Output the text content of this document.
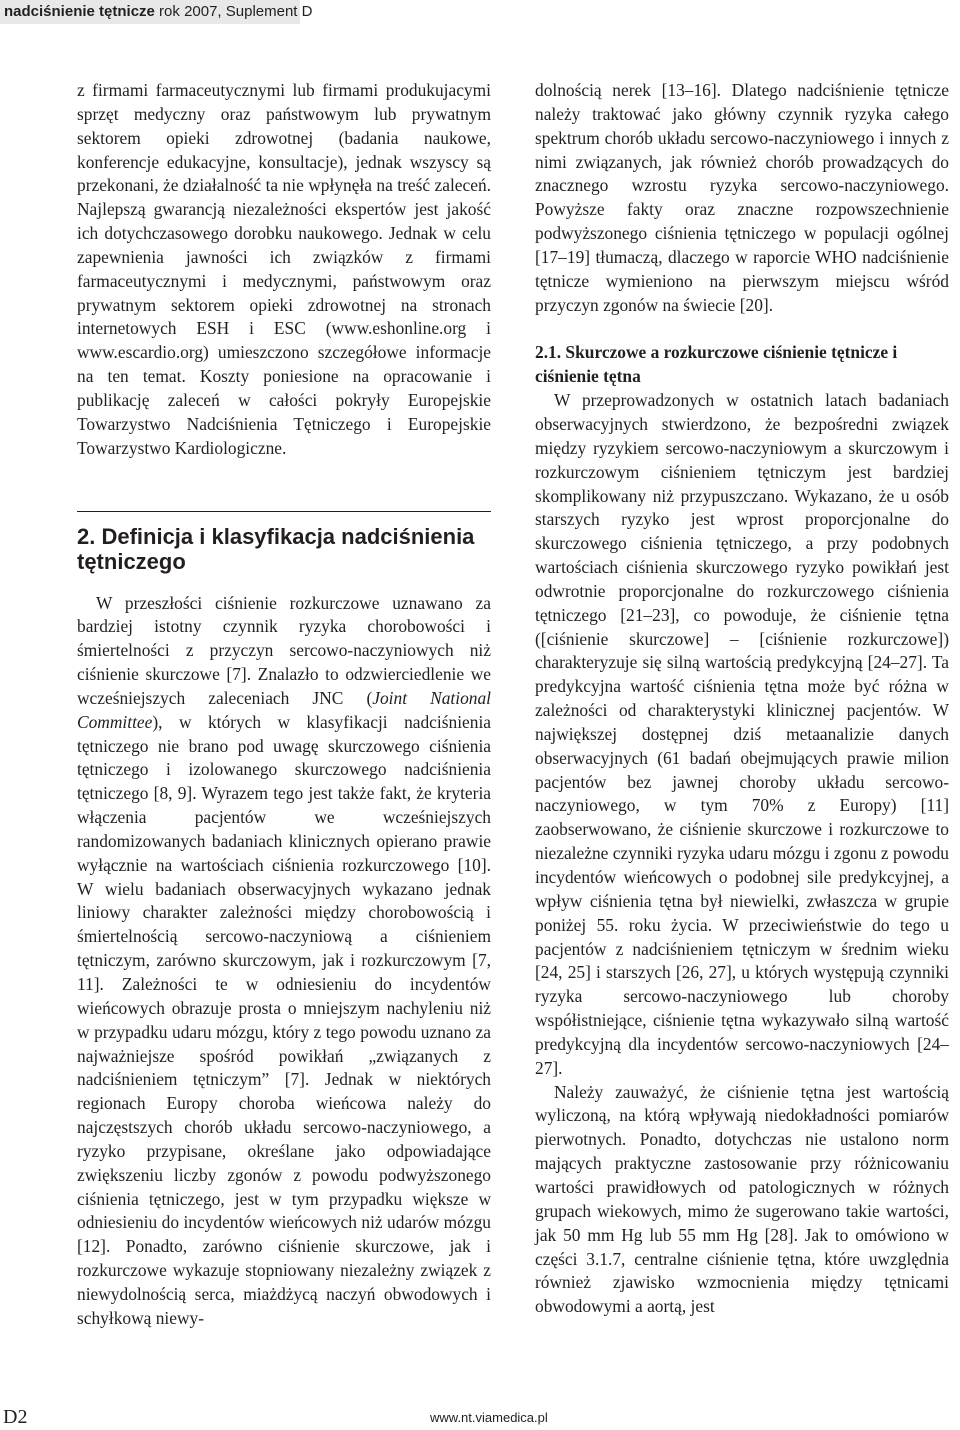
nadciśnienie tętnicze rok 2007, Suplement D

z firmami farmaceutycznymi lub firmami produkujacymi sprzęt medyczny oraz państwowym lub prywatnym sektorem opieki zdrowotnej (badania naukowe, konferencje edukacyjne, konsultacje), jednak wszyscy są przekonani, że działalność ta nie wpłynęła na treść zaleceń. Najlepszą gwarancją niezależności ekspertów jest jakość ich dotychczasowego dorobku naukowego. Jednak w celu zapewnienia jawności ich związków z firmami farmaceutycznymi i medycznymi, państwowym oraz prywatnym sektorem opieki zdrowotnej na stronach internetowych ESH i ESC (www.eshonline.org i www.escardio.org) umieszczono szczegółowe informacje na ten temat. Koszty poniesione na opracowanie i publikację zaleceń w całości pokryły Europejskie Towarzystwo Nadciśnienia Tętniczego i Europejskie Towarzystwo Kardiologiczne.

2. Definicja i klasyfikacja nadciśnienia tętniczego

W przeszłości ciśnienie rozkurczowe uznawano za bardziej istotny czynnik ryzyka chorobowości i śmiertelności z przyczyn sercowo-naczyniowych niż ciśnienie skurczowe [7]. Znalazło to odzwierciedlenie we wcześniejszych zaleceniach JNC (Joint National Committee), w których w klasyfikacji nadciśnienia tętniczego nie brano pod uwagę skurczowego ciśnienia tętniczego i izolowanego skurczowego nadciśnienia tętniczego [8, 9]. Wyrazem tego jest także fakt, że kryteria włączenia pacjentów we wcześniejszych randomizowanych badaniach klinicznych opierano prawie wyłącznie na wartościach ciśnienia rozkurczowego [10]. W wielu badaniach obserwacyjnych wykazano jednak liniowy charakter zależności między chorobowością i śmiertelnością sercowo-naczyniową a ciśnieniem tętniczym, zarówno skurczowym, jak i rozkurczowym [7, 11]. Zależności te w odniesieniu do incydentów wieńcowych obrazuje prosta o mniejszym nachyleniu niż w przypadku udaru mózgu, który z tego powodu uznano za najważniejsze spośród powikłań „związanych z nadciśnieniem tętniczym” [7]. Jednak w niektórych regionach Europy choroba wieńcowa należy do najczęstszych chorób układu sercowo-naczyniowego, a ryzyko przypisane, określane jako odpowiadające zwiększeniu liczby zgonów z powodu podwyższonego ciśnienia tętniczego, jest w tym przypadku większe w odniesieniu do incydentów wieńcowych niż udarów mózgu [12]. Ponadto, zarówno ciśnienie skurczowe, jak i rozkurczowe wykazuje stopniowany niezależny związek z niewydolnością serca, miażdżycą naczyń obwodowych i schyłkową niewy-

dolnością nerek [13–16]. Dlatego nadciśnienie tętnicze należy traktować jako główny czynnik ryzyka całego spektrum chorób układu sercowo-naczyniowego i innych z nimi związanych, jak również chorób prowadzących do znacznego wzrostu ryzyka sercowo-naczyniowego. Powyższe fakty oraz znaczne rozpowszechnienie podwyższonego ciśnienia tętniczego w populacji ogólnej [17–19] tłumaczą, dlaczego w raporcie WHO nadciśnienie tętnicze wymieniono na pierwszym miejscu wśród przyczyn zgonów na świecie [20].

2.1. Skurczowe a rozkurczowe ciśnienie tętnicze i ciśnienie tętna

W przeprowadzonych w ostatnich latach badaniach obserwacyjnych stwierdzono, że bezpośredni związek między ryzykiem sercowo-naczyniowym a skurczowym i rozkurczowym ciśnieniem tętniczym jest bardziej skomplikowany niż przypuszczano. Wykazano, że u osób starszych ryzyko jest wprost proporcjonalne do skurczowego ciśnienia tętniczego, a przy podobnych wartościach ciśnienia skurczowego ryzyko powikłań jest odwrotnie proporcjonalne do rozkurczowego ciśnienia tętniczego [21–23], co powoduje, że ciśnienie tętna ([ciśnienie skurczowe] – [ciśnienie rozkurczowe]) charakteryzuje się silną wartością predykcyjną [24–27]. Ta predykcyjna wartość ciśnienia tętna może być różna w zależności od charakterystyki klinicznej pacjentów. W największej dostępnej dziś metaanalizie danych obserwacyjnych (61 badań obejmujących prawie milion pacjentów bez jawnej choroby układu sercowo-naczyniowego, w tym 70% z Europy) [11] zaobserwowano, że ciśnienie skurczowe i rozkurczowe to niezależne czynniki ryzyka udaru mózgu i zgonu z powodu incydentów wieńcowych o podobnej sile predykcyjnej, a wpływ ciśnienia tętna był niewielki, zwłaszcza w grupie poniżej 55. roku życia. W przeciwieństwie do tego u pacjentów z nadciśnieniem tętniczym w średnim wieku [24, 25] i starszych [26, 27], u których występują czynniki ryzyka sercowo-naczyniowego lub choroby współistniejące, ciśnienie tętna wykazywało silną wartość predykcyjną dla incydentów sercowo-naczyniowych [24–27].

Należy zauważyć, że ciśnienie tętna jest wartością wyliczoną, na którą wpływają niedokładności pomiarów pierwotnych. Ponadto, dotychczas nie ustalono norm mających praktyczne zastosowanie przy różnicowaniu wartości prawidłowych od patologicznych w różnych grupach wiekowych, mimo że sugerowano takie wartości, jak 50 mm Hg lub 55 mm Hg [28]. Jak to omówiono w części 3.1.7, centralne ciśnienie tętna, które uwzględnia również zjawisko wzmocnienia między tętnicami obwodowymi a aortą, jest

D2	www.nt.viamedica.pl
